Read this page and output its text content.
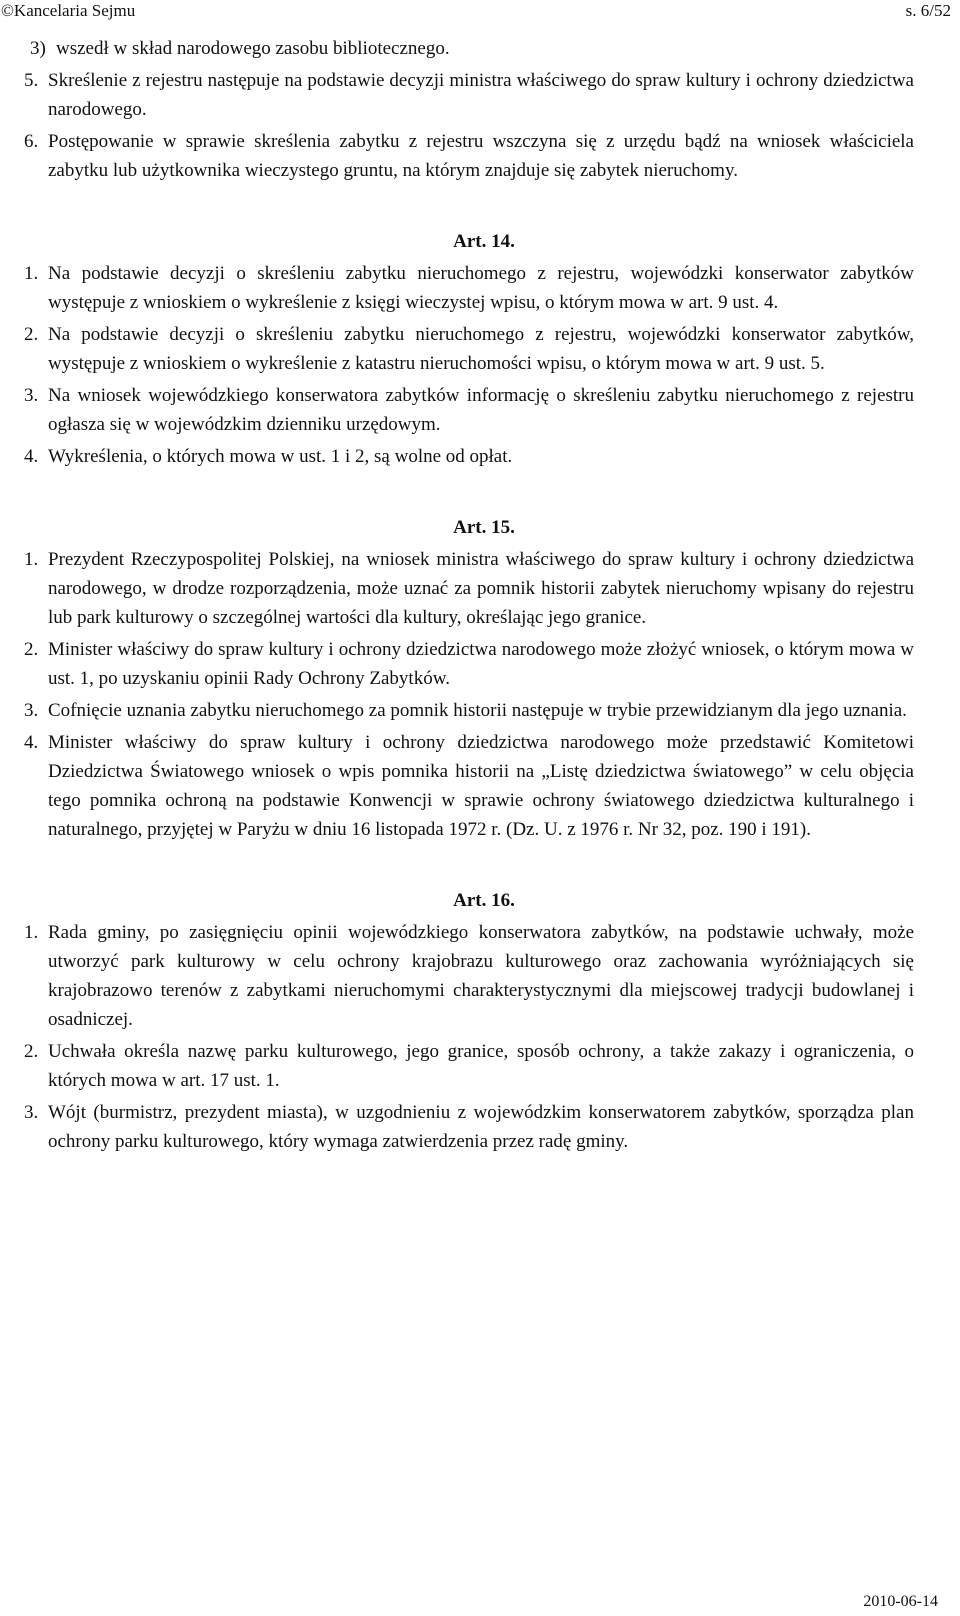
©Kancelaria Sejmu	s. 6/52
3) wszedł w skład narodowego zasobu bibliotecznego.
5. Skreślenie z rejestru następuje na podstawie decyzji ministra właściwego do spraw kultury i ochrony dziedzictwa narodowego.
6. Postępowanie w sprawie skreślenia zabytku z rejestru wszczyna się z urzędu bądź na wniosek właściciela zabytku lub użytkownika wieczystego gruntu, na którym znajduje się zabytek nieruchomy.
Art. 14.
1. Na podstawie decyzji o skreśleniu zabytku nieruchomego z rejestru, wojewódzki konserwator zabytków występuje z wnioskiem o wykreślenie z księgi wieczystej wpisu, o którym mowa w art. 9 ust. 4.
2. Na podstawie decyzji o skreśleniu zabytku nieruchomego z rejestru, wojewódzki konserwator zabytków, występuje z wnioskiem o wykreślenie z katastru nieruchomości wpisu, o którym mowa w art. 9 ust. 5.
3. Na wniosek wojewódzkiego konserwatora zabytków informację o skreśleniu zabytku nieruchomego z rejestru ogłasza się w wojewódzkim dzienniku urzędowym.
4. Wykreślenia, o których mowa w ust. 1 i 2, są wolne od opłat.
Art. 15.
1. Prezydent Rzeczypospolitej Polskiej, na wniosek ministra właściwego do spraw kultury i ochrony dziedzictwa narodowego, w drodze rozporządzenia, może uznać za pomnik historii zabytek nieruchomy wpisany do rejestru lub park kulturowy o szczególnej wartości dla kultury, określając jego granice.
2. Minister właściwy do spraw kultury i ochrony dziedzictwa narodowego może złożyć wniosek, o którym mowa w ust. 1, po uzyskaniu opinii Rady Ochrony Zabytków.
3. Cofnięcie uznania zabytku nieruchomego za pomnik historii następuje w trybie przewidzianym dla jego uznania.
4. Minister właściwy do spraw kultury i ochrony dziedzictwa narodowego może przedstawić Komitetowi Dziedzictwa Światowego wniosek o wpis pomnika historii na „Listę dziedzictwa światowego” w celu objęcia tego pomnika ochroną na podstawie Konwencji w sprawie ochrony światowego dziedzictwa kulturalnego i naturalnego, przyjętej w Paryżu w dniu 16 listopada 1972 r. (Dz. U. z 1976 r. Nr 32, poz. 190 i 191).
Art. 16.
1. Rada gminy, po zasięgnięciu opinii wojewódzkiego konserwatora zabytków, na podstawie uchwały, może utworzyć park kulturowy w celu ochrony krajobrazu kulturowego oraz zachowania wyróżniających się krajobrazowo terenów z zabytkami nieruchomymi charakterystycznymi dla miejscowej tradycji budowlanej i osadniczej.
2. Uchwała określa nazwę parku kulturowego, jego granice, sposób ochrony, a także zakazy i ograniczenia, o których mowa w art. 17 ust. 1.
3. Wójt (burmistrz, prezydent miasta), w uzgodnieniu z wojewódzkim konserwatorem zabytków, sporządza plan ochrony parku kulturowego, który wymaga zatwierdzenia przez radę gminy.
2010-06-14
